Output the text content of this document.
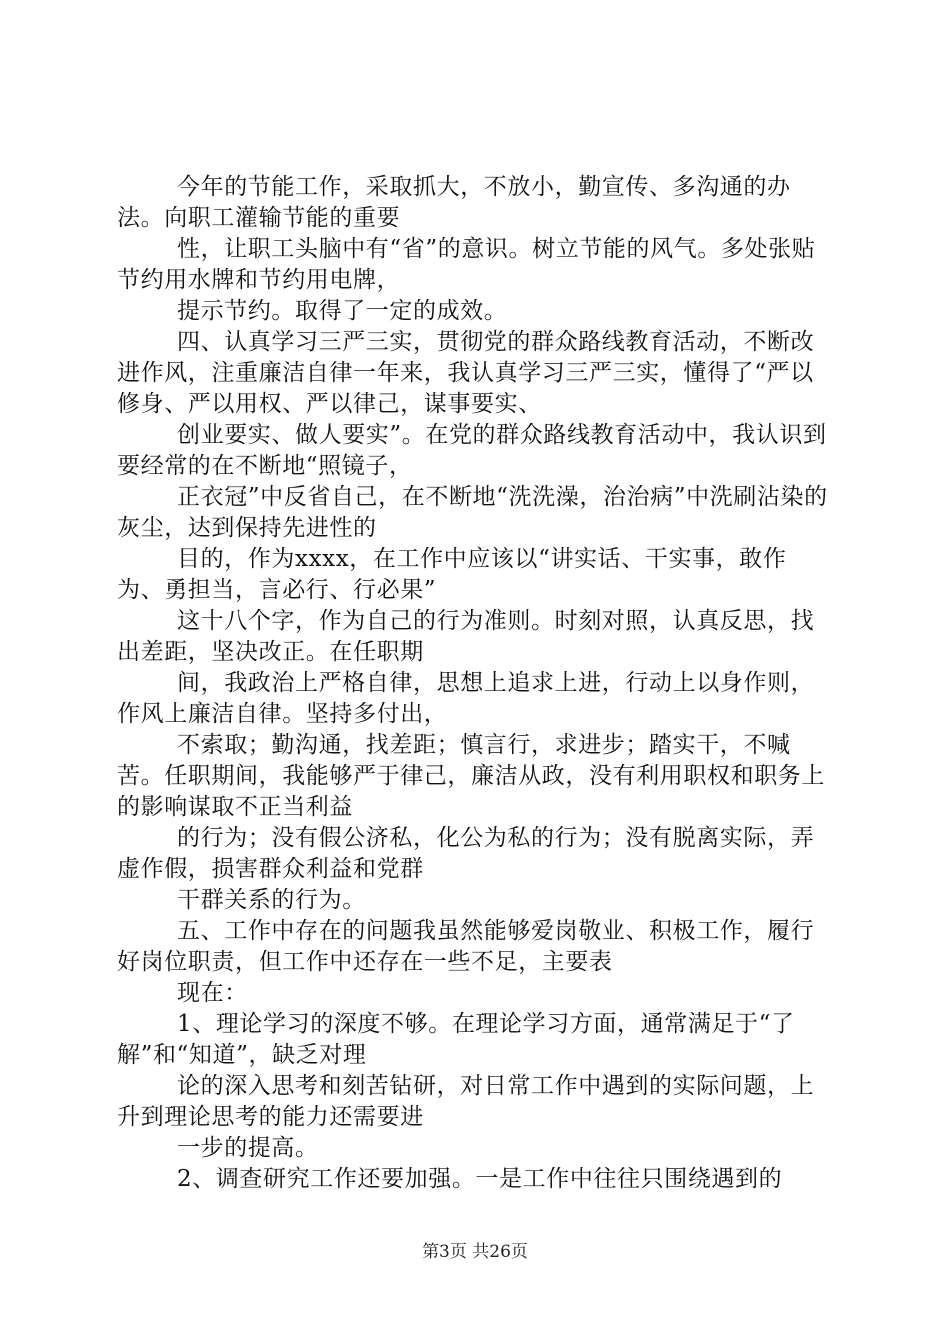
今年的节能工作，采取抓大，不放小，勤宣传、多沟通的办法。向职工灌输节能的重要

性，让职工头脑中有“省”的意识。树立节能的风气。多处张贴节约用水牌和节约用电牌，

提示节约。取得了一定的成效。

四、认真学习三严三实，贯彻党的群众路线教育活动，不断改进作风，注重廉洁自律一年来，我认真学习三严三实，懂得了“严以修身、严以用权、严以律己，谋事要实、

创业要实、做人要实”。在党的群众路线教育活动中，我认识到要经常的在不断地“照镜子，

正衣冠”中反省自己，在不断地“洗洗澡，治治病”中洗刷沾染的灰尘，达到保持先进性的

目的，作为xxxx，在工作中应该以“讲实话、干实事，敢作为、勇担当，言必行、行必果”

这十八个字，作为自己的行为准则。时刻对照，认真反思，找出差距，坚决改正。在任职期

间，我政治上严格自律，思想上追求上进，行动上以身作则，作风上廉洁自律。坚持多付出，

不索取；勤沟通，找差距；慎言行，求进步；踏实干，不喊苦。任职期间，我能够严于律己，廉洁从政，没有利用职权和职务上的影响谋取不正当利益

的行为；没有假公济私，化公为私的行为；没有脱离实际，弄虚作假，损害群众利益和党群

干群关系的行为。

五、工作中存在的问题我虽然能够爱岗敬业、积极工作，履行好岗位职责，但工作中还存在一些不足，主要表

现在：

1、理论学习的深度不够。在理论学习方面，通常满足于“了解”和“知道”，缺乏对理

论的深入思考和刻苦钻研，对日常工作中遇到的实际问题，上升到理论思考的能力还需要进

一步的提高。

2、调查研究工作还要加强。一是工作中往往只围绕遇到的

第3页 共26页
